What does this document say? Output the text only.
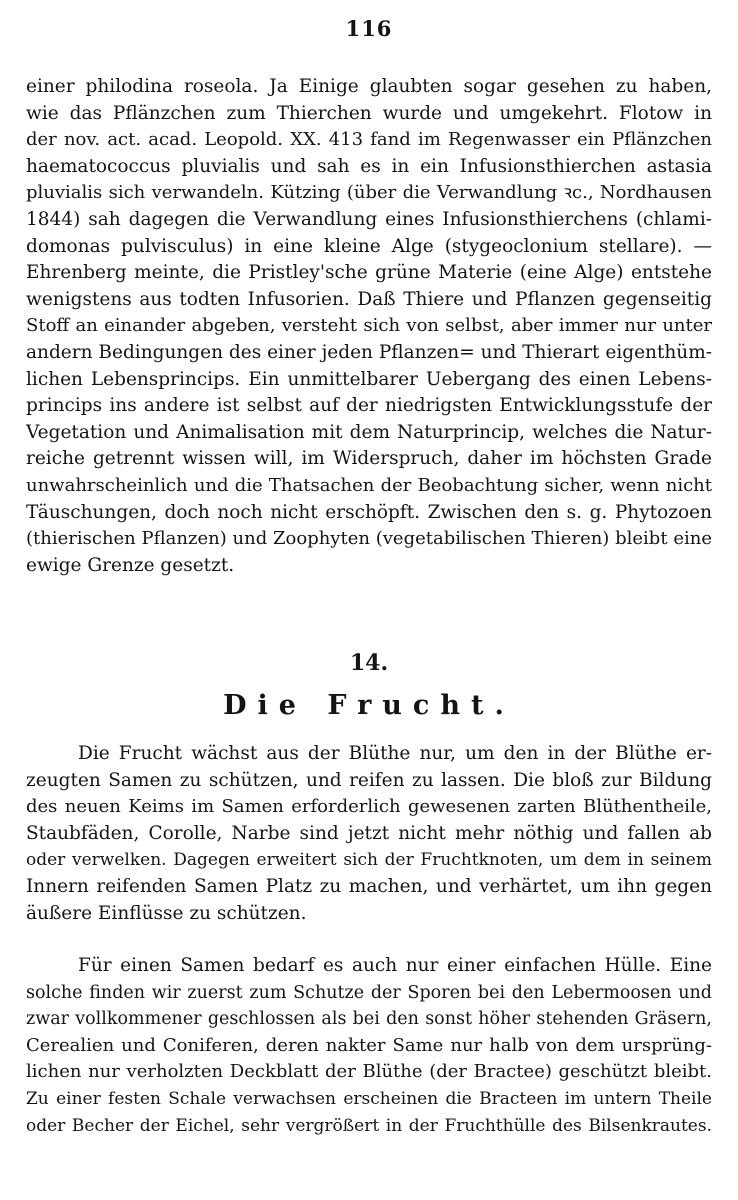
116
einer philodina roseola. Ja Einige glaubten sogar gesehen zu haben,
wie das Pflänzchen zum Thierchen wurde und umgekehrt. Flotow in
der nov. act. acad. Leopold. XX. 413 fand im Regenwasser ein Pflänzchen
haematococcus pluvialis und sah es in ein Infusionsthierchen astasia
pluvialis sich verwandeln. Kützing (über die Verwandlung ꝛc., Nordhausen
1844) sah dagegen die Verwandlung eines Infusionsthierchens (chlami-
domonas pulvisculus) in eine kleine Alge (stygeoclonium stellare). —
Ehrenberg meinte, die Pristley'sche grüne Materie (eine Alge) entstehe
wenigstens aus todten Infusorien. Daß Thiere und Pflanzen gegenseitig
Stoff an einander abgeben, versteht sich von selbst, aber immer nur unter
andern Bedingungen des einer jeden Pflanzen= und Thierart eigenthüm-
lichen Lebensprincips. Ein unmittelbarer Uebergang des einen Lebens-
princips ins andere ist selbst auf der niedrigsten Entwicklungsstufe der
Vegetation und Animalisation mit dem Naturprincip, welches die Natur-
reiche getrennt wissen will, im Widerspruch, daher im höchsten Grade
unwahrscheinlich und die Thatsachen der Beobachtung sicher, wenn nicht
Täuschungen, doch noch nicht erschöpft. Zwischen den s. g. Phytozoen
(thierischen Pflanzen) und Zoophyten (vegetabilischen Thieren) bleibt eine
ewige Grenze gesetzt.
14.
Die Frucht.
Die Frucht wächst aus der Blüthe nur, um den in der Blüthe er-
zeugten Samen zu schützen, und reifen zu lassen. Die bloß zur Bildung
des neuen Keims im Samen erforderlich gewesenen zarten Blüthentheile,
Staubfäden, Corolle, Narbe sind jetzt nicht mehr nöthig und fallen ab
oder verwelken. Dagegen erweitert sich der Fruchtknoten, um dem in seinem
Innern reifenden Samen Platz zu machen, und verhärtet, um ihn gegen
äußere Einflüsse zu schützen.
Für einen Samen bedarf es auch nur einer einfachen Hülle. Eine
solche finden wir zuerst zum Schutze der Sporen bei den Lebermoosen und
zwar vollkommener geschlossen als bei den sonst höher stehenden Gräsern,
Cerealien und Coniferen, deren nakter Same nur halb von dem ursprüng-
lichen nur verholzten Deckblatt der Blüthe (der Bractee) geschützt bleibt.
Zu einer festen Schale verwachsen erscheinen die Bracteen im untern Theile
oder Becher der Eichel, sehr vergrößert in der Fruchthülle des Bilsenkrautes.
